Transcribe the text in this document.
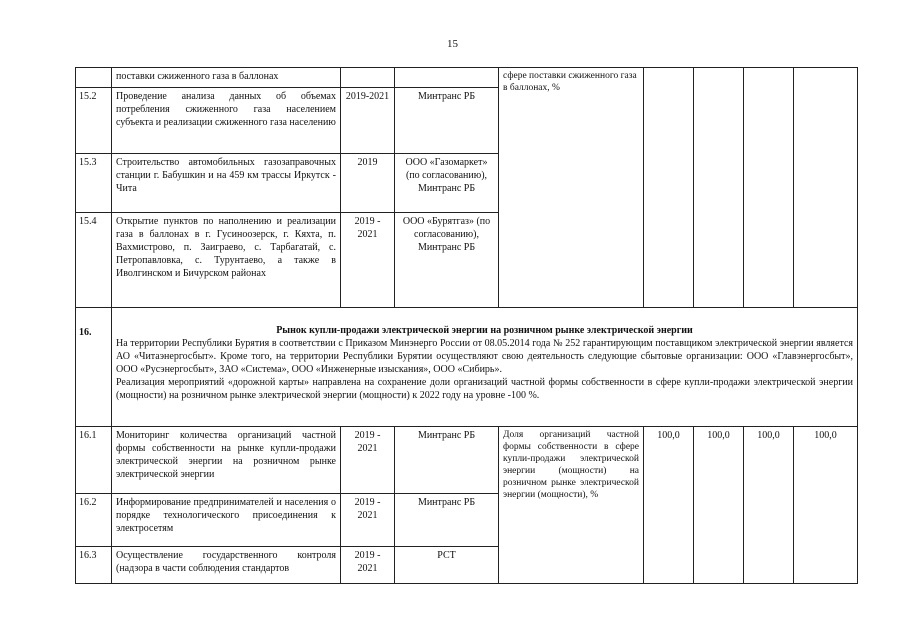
15
	поставки сжиженного газа в баллонах			сфере поставки сжиженного газа в баллонах, %				
15.2	Проведение анализа данных об объемах потребления сжиженного газа населением субъекта и реализации сжиженного газа населению	2019-2021	Минтранс РБ					
15.3	Строительство автомобильных газозаправочных станции г. Бабушкин и на 459 км трассы Иркутск - Чита	2019	ООО «Газомаркет» (по согласованию), Минтранс РБ					
15.4	Открытие пунктов по наполнению и реализации газа в баллонах в г. Гусиноозерск, г. Кяхта, п. Вахмистрово, п. Заиграево, с. Тарбагатай, с. Петропавловка, с. Турунтаево, а также в Иволгинском и Бичурском районах	2019 - 2021	ООО «Бурятгаз» (по согласованию), Минтранс РБ					
16.	Рынок купли-продажи электрической энергии на розничном рынке электрической энергии
На территории Республики Бурятия в соответствии с Приказом Минэнерго России от 08.05.2014 года № 252 гарантирующим поставщиком электрической энергии является АО «Читаэнергосбыт». Кроме того, на территории Республики Бурятии осуществляют свою деятельность следующие сбытовые организации: ООО «Главэнергосбыт», ООО «Русэнергосбыт», ЗАО «Система», ООО «Инженерные изыскания», ООО «Сибирь».
Реализация мероприятий «дорожной карты» направлена на сохранение доли организаций частной формы собственности в сфере купли-продажи электрической энергии (мощности) на розничном рынке электрической энергии (мощности) к 2022 году на уровне -100 %.							

16.1	Мониторинг количества организаций частной формы собственности на рынке купли-продажи электрической энергии на розничном рынке электрической энергии	2019 - 2021	Минтранс РБ	Доля организаций частной формы собственности в сфере купли-продажи электрической энергии (мощности) на розничном рынке электрической энергии (мощности), %	100,0	100,0	100,0	100,0
16.2	Информирование предпринимателей и населения о порядке технологического присоединения к электросетям	2019 - 2021	Минтранс РБ					
16.3	Осуществление государственного контроля (надзора в части соблюдения стандартов	2019 - 2021	РСТ					
